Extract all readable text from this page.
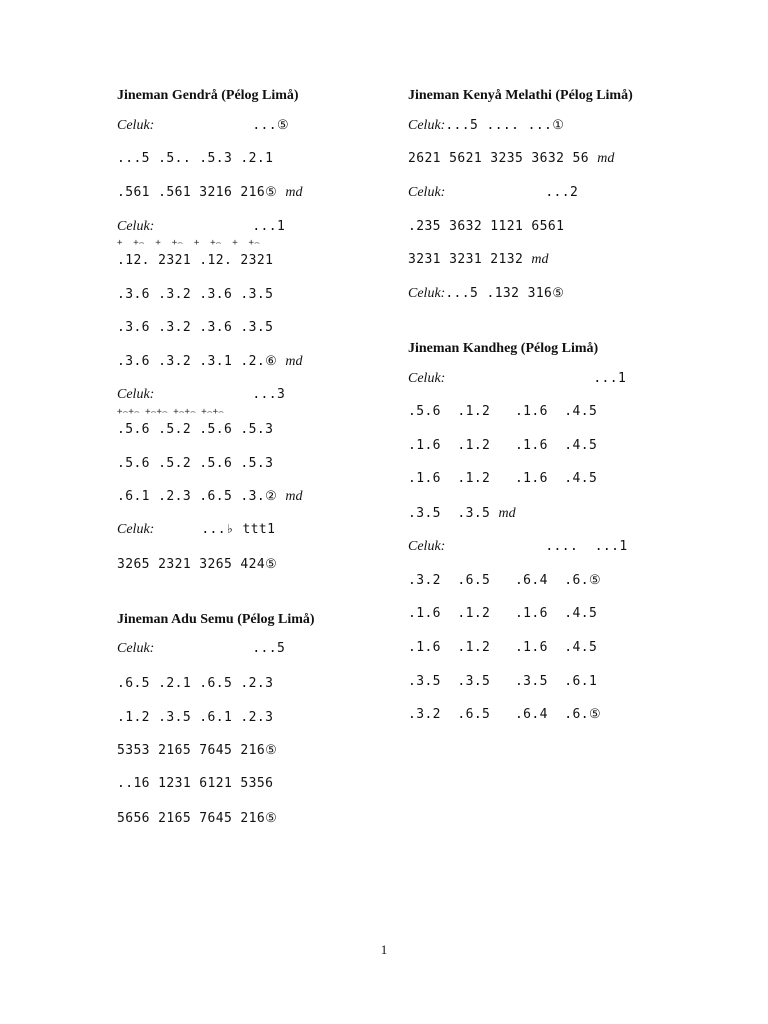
Jineman Gendrå (Pélog Limå)
Celuk:	...⑤
...5 .5.. .5.3 .2.1
.561 .561 3216 216⑤ md
Celuk:	...1
+  +⌢  +  +⌢  +  +⌢  +  +⌢
.12. 2321 .12. 2321
.3.6 .3.2 .3.6 .3.5
.3.6 .3.2 .3.6 .3.5
.3.6 .3.2 .3.1 .2.⑥ md
Celuk:	...3
+⌢+⌢ +⌢+⌢ +⌢+⌢ +⌢+⌢
.5.6 .5.2 .5.6 .5.3
.5.6 .5.2 .5.6 .5.3
.6.1 .2.3 .6.5 .3.② md
Celuk:	...♭ ttt1
3265 2321 3265 424⑤
Jineman Adu Semu (Pélog Limå)
Celuk:	...5
.6.5 .2.1 .6.5 .2.3
.1.2 .3.5 .6.1 .2.3
5353 2165 7645 216⑤
..16 1231 6121 5356
5656 2165 7645 216⑤
Jineman Kenyå Melathi (Pélog Limå)
Celuk:...5 .... ...①
2621 5621 3235 3632 56 md
Celuk:	...2
.235 3632 1121 6561
3231 3231 2132 md
Celuk:...5 .132 316⑤
Jineman Kandheg (Pélog Limå)
Celuk:	...1
.5.6  .1.2   .1.6  .4.5
.1.6  .1.2   .1.6  .4.5
.1.6  .1.2   .1.6  .4.5
.3.5  .3.5 md
Celuk:	....  ...1
.3.2  .6.5   .6.4  .6.⑤
.1.6  .1.2   .1.6  .4.5
.1.6  .1.2   .1.6  .4.5
.3.5  .3.5   .3.5  .6.1
.3.2  .6.5   .6.4  .6.⑤
1
